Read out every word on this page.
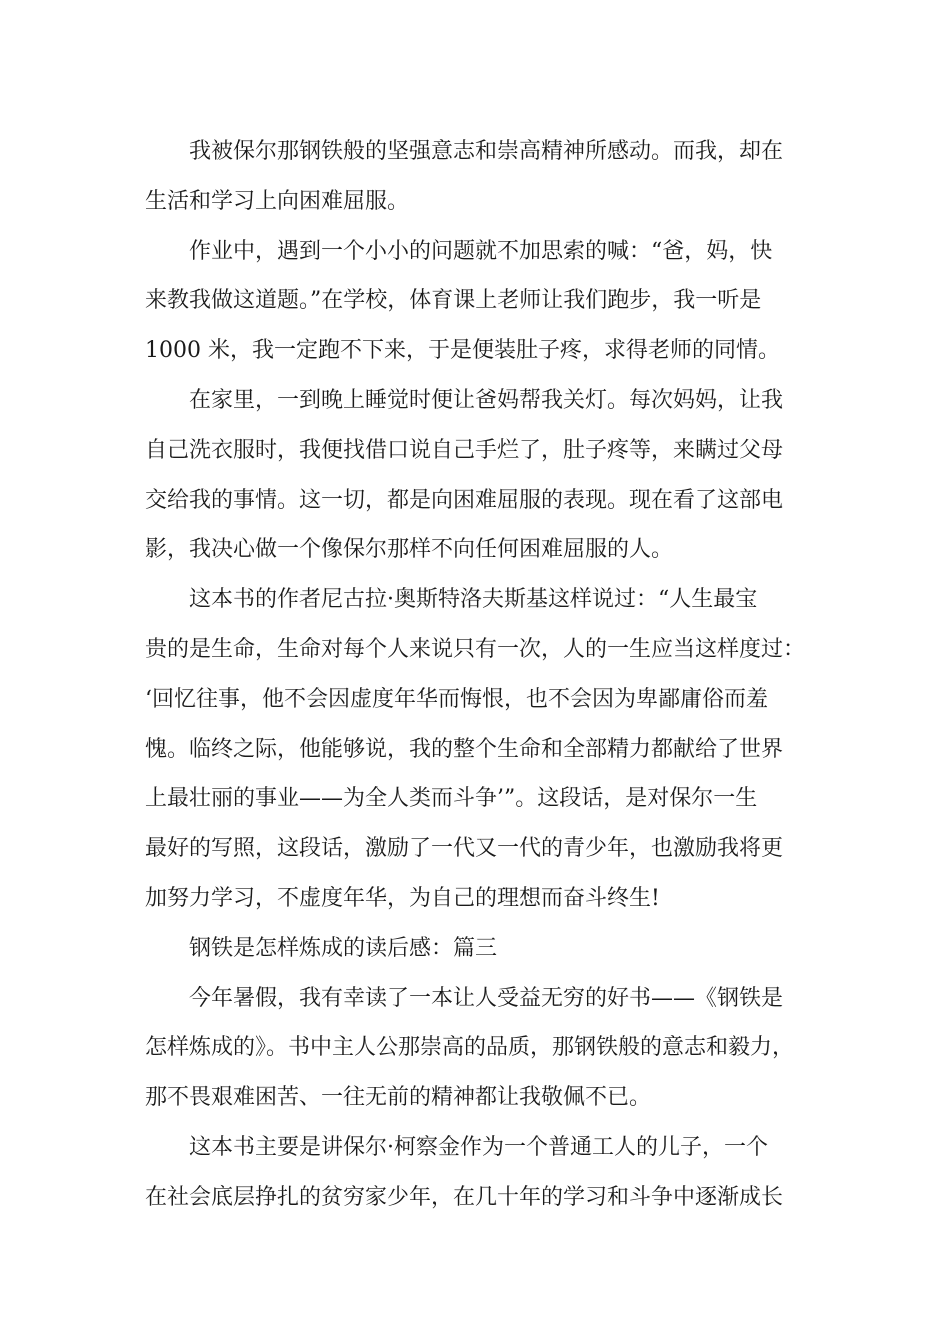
我被保尔那钢铁般的坚强意志和崇高精神所感动。而我，却在
生活和学习上向困难屈服。
作业中，遇到一个小小的问题就不加思索的喊：“爸，妈，快
来教我做这道题。”在学校，体育课上老师让我们跑步，我一听是
1000 米，我一定跑不下来，于是便装肚子疼，求得老师的同情。
在家里，一到晚上睡觉时便让爸妈帮我关灯。每次妈妈，让我
自己洗衣服时，我便找借口说自己手烂了，肚子疼等，来瞒过父母
交给我的事情。这一切，都是向困难屈服的表现。现在看了这部电
影，我决心做一个像保尔那样不向任何困难屈服的人。
这本书的作者尼古拉·奥斯特洛夫斯基这样说过：“人生最宝
贵的是生命，生命对每个人来说只有一次，人的一生应当这样度过：
‘回忆往事，他不会因虚度年华而悔恨，也不会因为卑鄙庸俗而羞
愧。临终之际，他能够说，我的整个生命和全部精力都献给了世界
上最壮丽的事业——为全人类而斗争’”。这段话，是对保尔一生
最好的写照，这段话，激励了一代又一代的青少年，也激励我将更
加努力学习，不虚度年华，为自己的理想而奋斗终生!
钢铁是怎样炼成的读后感：篇三
今年暑假，我有幸读了一本让人受益无穷的好书——《钢铁是
怎样炼成的》。书中主人公那崇高的品质，那钢铁般的意志和毅力，
那不畏艰难困苦、一往无前的精神都让我敬佩不已。
这本书主要是讲保尔·柯察金作为一个普通工人的儿子，一个
在社会底层挣扎的贫穷家少年，在几十年的学习和斗争中逐渐成长
